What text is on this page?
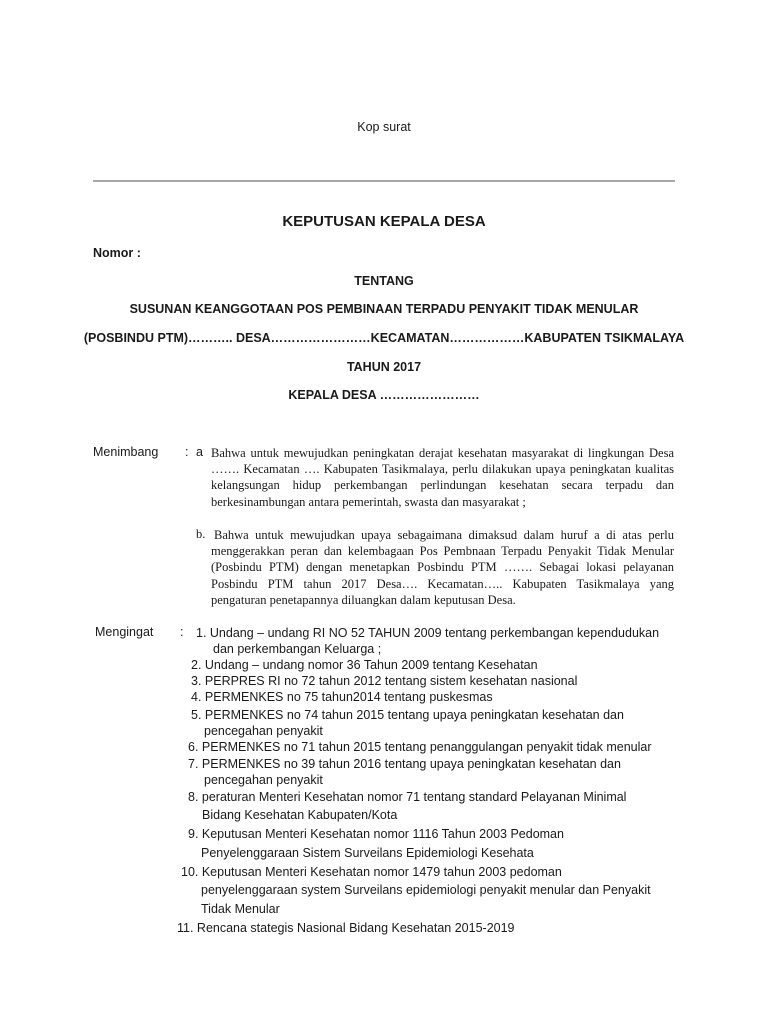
Kop surat
KEPUTUSAN KEPALA DESA
Nomor :
TENTANG
SUSUNAN KEANGGOTAAN POS PEMBINAAN TERPADU PENYAKIT TIDAK MENULAR
(POSBINDU PTM)……….. DESA……………………KECAMATAN………………KABUPATEN TSIKMALAYA
TAHUN 2017
KEPALA DESA ……………………
Menimbang : a Bahwa untuk mewujudkan peningkatan derajat kesehatan masyarakat di lingkungan Desa ……. Kecamatan …. Kabupaten Tasikmalaya, perlu dilakukan upaya peningkatan kualitas kelangsungan hidup perkembangan perlindungan kesehatan secara terpadu dan berkesinambungan antara pemerintah, swasta dan masyarakat ;
b. Bahwa untuk mewujudkan upaya sebagaimana dimaksud dalam huruf a di atas perlu menggerakkan peran dan kelembagaan Pos Pembnaan Terpadu Penyakit Tidak Menular (Posbindu PTM) dengan menetapkan Posbindu PTM ……. Sebagai lokasi pelayanan Posbindu PTM tahun 2017 Desa…. Kecamatan….. Kabupaten Tasikmalaya yang pengaturan penetapannya diluangkan dalam keputusan Desa.
Mengingat : 1. Undang – undang RI NO 52 TAHUN 2009 tentang perkembangan kependudukan
dan perkembangan Keluarga ;
2. Undang – undang nomor 36 Tahun 2009 tentang Kesehatan
3. PERPRES RI no 72 tahun 2012 tentang sistem kesehatan nasional
4. PERMENKES no 75 tahun2014 tentang puskesmas
5. PERMENKES no 74 tahun 2015 tentang upaya peningkatan kesehatan dan
pencegahan penyakit
6. PERMENKES no 71 tahun 2015 tentang penanggulangan penyakit tidak menular
7. PERMENKES no 39 tahun 2016 tentang upaya peningkatan kesehatan dan
pencegahan penyakit
8. peraturan Menteri Kesehatan nomor 71 tentang standard Pelayanan Minimal
Bidang Kesehatan Kabupaten/Kota
9. Keputusan Menteri Kesehatan nomor 1116 Tahun 2003 Pedoman
Penyelenggaraan Sistem Surveilans Epidemiologi Kesehata
10. Keputusan Menteri Kesehatan nomor 1479 tahun 2003 pedoman
penyelenggaraan system Surveilans epidemiologi penyakit menular dan Penyakit
Tidak Menular
11. Rencana stategis Nasional Bidang Kesehatan 2015-2019
